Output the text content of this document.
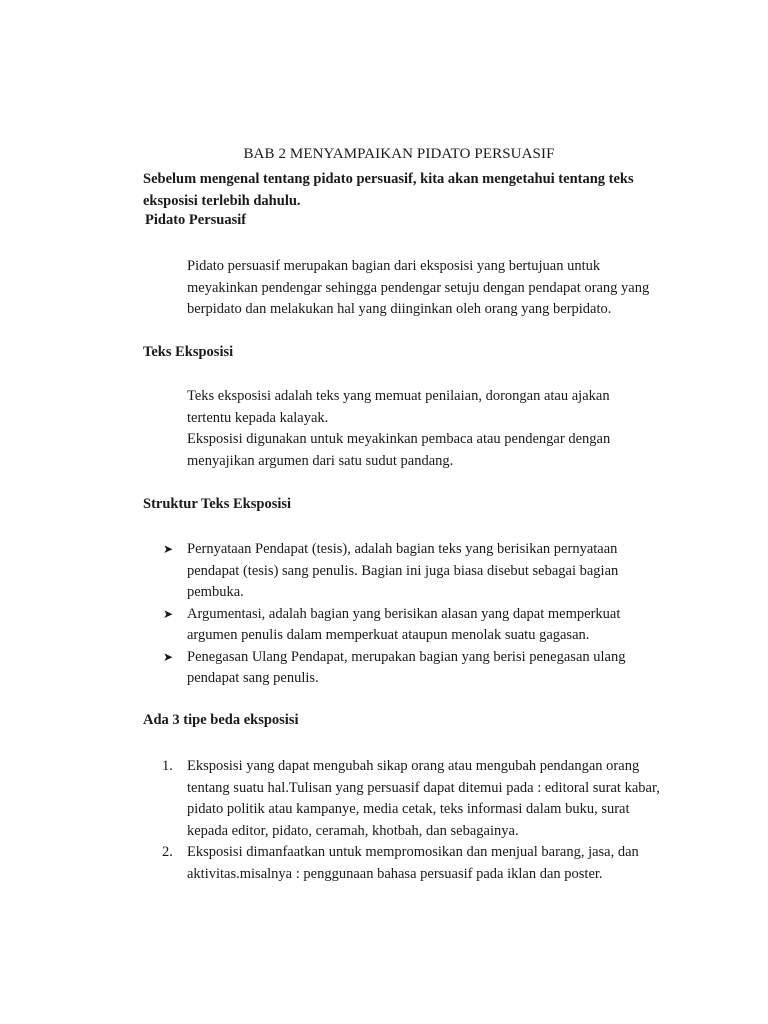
BAB 2 MENYAMPAIKAN PIDATO PERSUASIF
Sebelum mengenal tentang pidato persuasif, kita akan mengetahui tentang teks eksposisi terlebih dahulu.
Pidato Persuasif
Pidato persuasif merupakan bagian dari eksposisi yang bertujuan untuk meyakinkan pendengar sehingga pendengar setuju dengan pendapat orang yang berpidato dan melakukan hal yang diinginkan oleh orang yang berpidato.
Teks Eksposisi
Teks eksposisi adalah teks yang memuat penilaian, dorongan atau ajakan tertentu kepada kalayak.
Eksposisi digunakan untuk meyakinkan pembaca atau pendengar dengan menyajikan argumen dari satu sudut pandang.
Struktur Teks Eksposisi
➤ Pernyataan Pendapat (tesis), adalah bagian teks yang berisikan pernyataan pendapat (tesis) sang penulis. Bagian ini juga biasa disebut sebagai bagian pembuka.
➤ Argumentasi, adalah bagian yang berisikan alasan yang dapat memperkuat argumen penulis dalam memperkuat ataupun menolak suatu gagasan.
➤ Penegasan Ulang Pendapat, merupakan bagian yang berisi penegasan ulang pendapat sang penulis.
Ada 3 tipe beda eksposisi
1. Eksposisi yang dapat mengubah sikap orang atau mengubah pendangan orang tentang suatu hal.Tulisan yang persuasif dapat ditemui pada : editoral surat kabar, pidato politik atau kampanye, media cetak, teks informasi dalam buku, surat kepada editor, pidato, ceramah, khotbah, dan sebagainya.
2. Eksposisi dimanfaatkan untuk mempromosikan dan menjual barang, jasa, dan aktivitas.misalnya : penggunaan bahasa persuasif pada iklan dan poster.
